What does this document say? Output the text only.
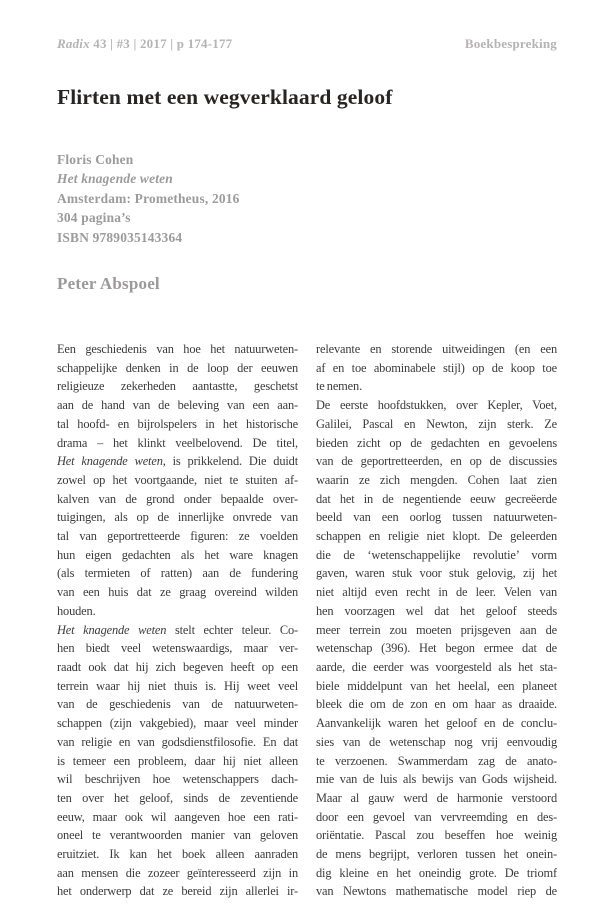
Radix 43 | #3 | 2017 | p 174-177	Boekbespreking
Flirten met een wegverklaard geloof
Floris Cohen
Het knagende weten
Amsterdam: Prometheus, 2016
304 pagina’s
ISBN 9789035143364
Peter Abspoel
Een geschiedenis van hoe het natuurweten-
schappelijke denken in de loop der eeuwen
religieuze zekerheden aantastte, geschetst
aan de hand van de beleving van een aan-
tal hoofd- en bijrolspelers in het historische
drama – het klinkt veelbelovend. De titel,
Het knagende weten, is prikkelend. Die duidt
zowel op het voortgaande, niet te stuiten af-
kalven van de grond onder bepaalde over-
tuigingen, als op de innerlijke onvrede van
tal van geportretteerde figuren: ze voelden
hun eigen gedachten als het ware knagen
(als termieten of ratten) aan de fundering
van een huis dat ze graag overeind wilden
houden.
Het knagende weten stelt echter teleur. Co-
hen biedt veel wetenswaardigs, maar ver-
raadt ook dat hij zich begeven heeft op een
terrein waar hij niet thuis is. Hij weet veel
van de geschiedenis van de natuurweten-
schappen (zijn vakgebied), maar veel minder
van religie en van godsdienstfilosofie. En dat
is temeer een probleem, daar hij niet alleen
wil beschrijven hoe wetenschappers dach-
ten over het geloof, sinds de zeventiende
eeuw, maar ook wil aangeven hoe een rati-
oneel te verantwoorden manier van geloven
eruitziet. Ik kan het boek alleen aanraden
aan mensen die zozeer geïnteresseerd zijn in
het onderwerp dat ze bereid zijn allerlei ir-
relevante en storende uitweidingen (en een
af en toe abominabele stijl) op de koop toe
te nemen.
De eerste hoofdstukken, over Kepler, Voet,
Galilei, Pascal en Newton, zijn sterk. Ze
bieden zicht op de gedachten en gevoelens
van de geportretteerden, en op de discussies
waarin ze zich mengden. Cohen laat zien
dat het in de negentiende eeuw gecreëerde
beeld van een oorlog tussen natuurweten-
schappen en religie niet klopt. De geleerden
die de ‘wetenschappelijke revolutie’ vorm
gaven, waren stuk voor stuk gelovig, zij het
niet altijd even recht in de leer. Velen van
hen voorzagen wel dat het geloof steeds
meer terrein zou moeten prijsgeven aan de
wetenschap (396). Het begon ermee dat de
aarde, die eerder was voorgesteld als het sta-
biele middelpunt van het heelal, een planeet
bleek die om de zon en om haar as draaide.
Aanvankelijk waren het geloof en de conclu-
sies van de wetenschap nog vrij eenvoudig
te verzoenen. Swammerdam zag de anato-
mie van de luis als bewijs van Gods wijsheid.
Maar al gauw werd de harmonie verstoord
door een gevoel van vervreemding en des-
oriëntatie. Pascal zou beseffen hoe weinig
de mens begrijpt, verloren tussen het onein-
dig kleine en het oneindig grote. De triomf
van Newtons mathematische model riep de
